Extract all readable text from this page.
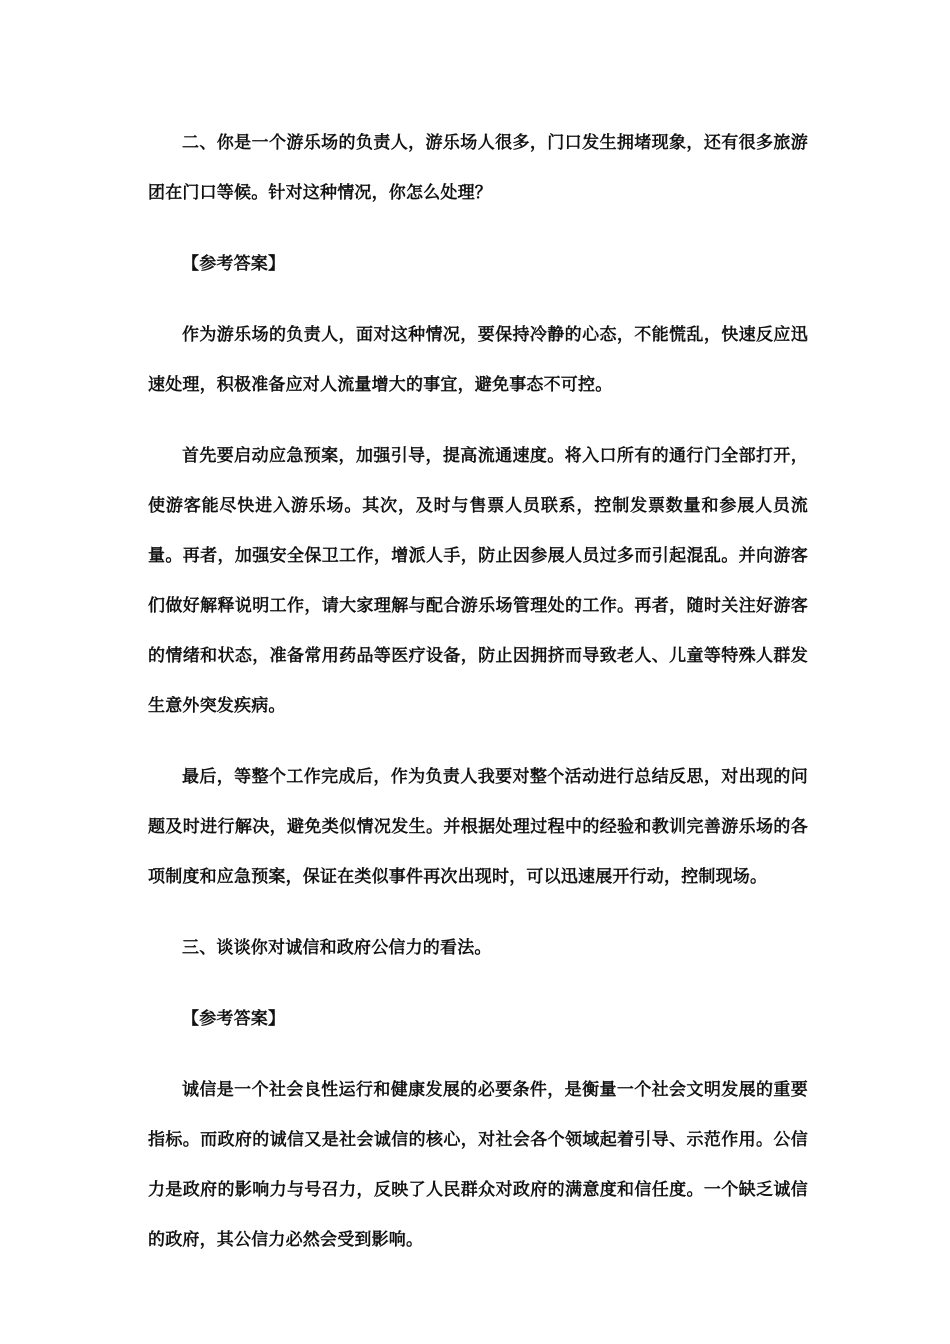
二、你是一个游乐场的负责人，游乐场人很多，门口发生拥堵现象，还有很多旅游团在门口等候。针对这种情况，你怎么处理？

【参考答案】

作为游乐场的负责人，面对这种情况，要保持冷静的心态，不能慌乱，快速反应迅速处理，积极准备应对人流量增大的事宜，避免事态不可控。

首先要启动应急预案，加强引导，提高流通速度。将入口所有的通行门全部打开，使游客能尽快进入游乐场。其次，及时与售票人员联系，控制发票数量和参展人员流量。再者，加强安全保卫工作，增派人手，防止因参展人员过多而引起混乱。并向游客们做好解释说明工作，请大家理解与配合游乐场管理处的工作。再者，随时关注好游客的情绪和状态，准备常用药品等医疗设备，防止因拥挤而导致老人、儿童等特殊人群发生意外突发疾病。

最后，等整个工作完成后，作为负责人我要对整个活动进行总结反思，对出现的问题及时进行解决，避免类似情况发生。并根据处理过程中的经验和教训完善游乐场的各项制度和应急预案，保证在类似事件再次出现时，可以迅速展开行动，控制现场。

三、谈谈你对诚信和政府公信力的看法。

【参考答案】

诚信是一个社会良性运行和健康发展的必要条件，是衡量一个社会文明发展的重要指标。而政府的诚信又是社会诚信的核心，对社会各个领域起着引导、示范作用。公信力是政府的影响力与号召力，反映了人民群众对政府的满意度和信任度。一个缺乏诚信的政府，其公信力必然会受到影响。
